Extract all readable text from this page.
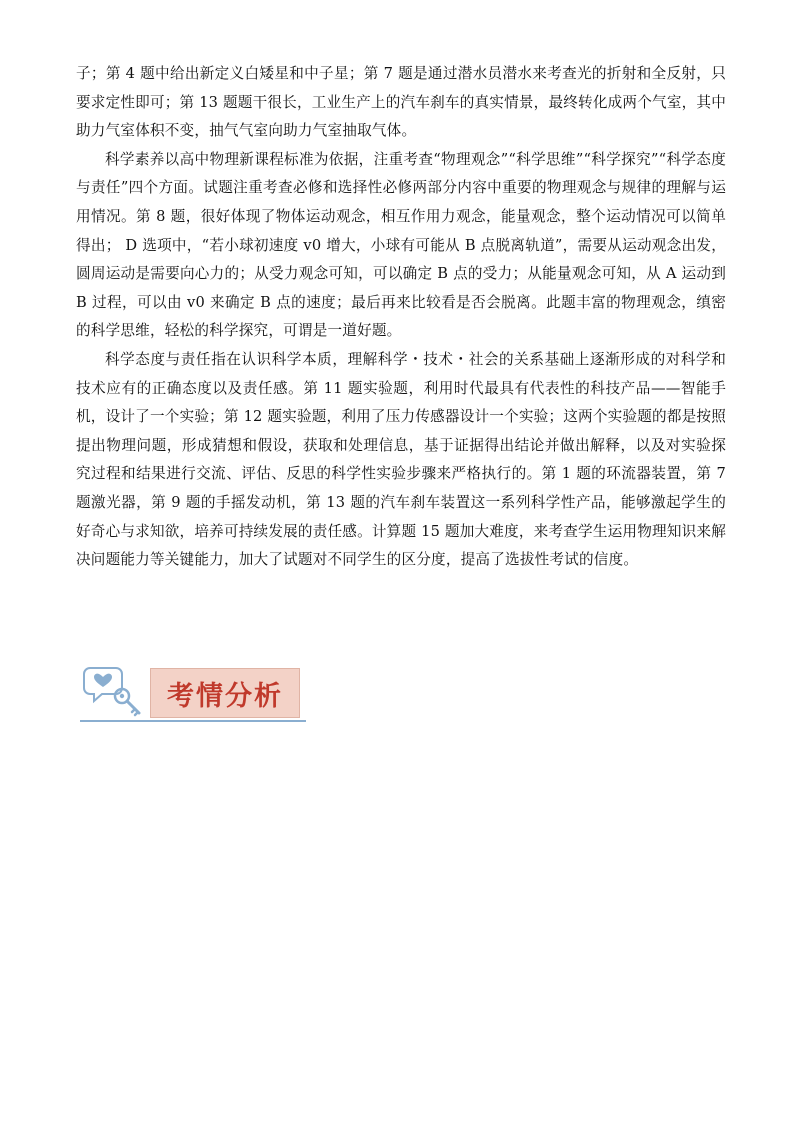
子；第 4 题中给出新定义白矮星和中子星；第 7 题是通过潜水员潜水来考查光的折射和全反射，只要求定性即可；第 13 题题干很长，工业生产上的汽车刹车的真实情景，最终转化成两个气室，其中助力气室体积不变，抽气气室向助力气室抽取气体。

科学素养以高中物理新课程标准为依据，注重考查“物理观念”“科学思维”“科学探究”“科学态度与责任”四个方面。试题注重考查必修和选择性必修两部分内容中重要的物理观念与规律的理解与运用情况。第 8 题，很好体现了物体运动观念，相互作用力观念，能量观念，整个运动情况可以简单得出； D 选项中，“若小球初速度 v0 增大，小球有可能从 B 点脱离轨道”，需要从运动观念出发，圆周运动是需要向心力的；从受力观念可知，可以确定 B 点的受力；从能量观念可知，从 A 运动到 B 过程，可以由 v0 来确定 B 点的速度；最后再来比较看是否会脱离。此题丰富的物理观念，缜密的科学思维，轻松的科学探究，可谓是一道好题。

科学态度与责任指在认识科学本质，理解科学・技术・社会的关系基础上逐渐形成的对科学和技术应有的正确态度以及责任感。第 11 题实验题，利用时代最具有代表性的科技产品——智能手机，设计了一个实验；第 12 题实验题，利用了压力传感器设计一个实验；这两个实验题的都是按照提出物理问题，形成猜想和假设，获取和处理信息，基于证据得出结论并做出解释，以及对实验探究过程和结果进行交流、评估、反思的科学性实验步骤来严格执行的。第 1 题的环流器装置，第 7 题激光器，第 9 题的手摇发动机，第 13 题的汽车刹车装置这一系列科学性产品，能够激起学生的好奇心与求知欲，培养可持续发展的责任感。计算题 15 题加大难度，来考查学生运用物理知识来解决问题能力等关键能力，加大了试题对不同学生的区分度，提高了选拔性考试的信度。

考情分析
